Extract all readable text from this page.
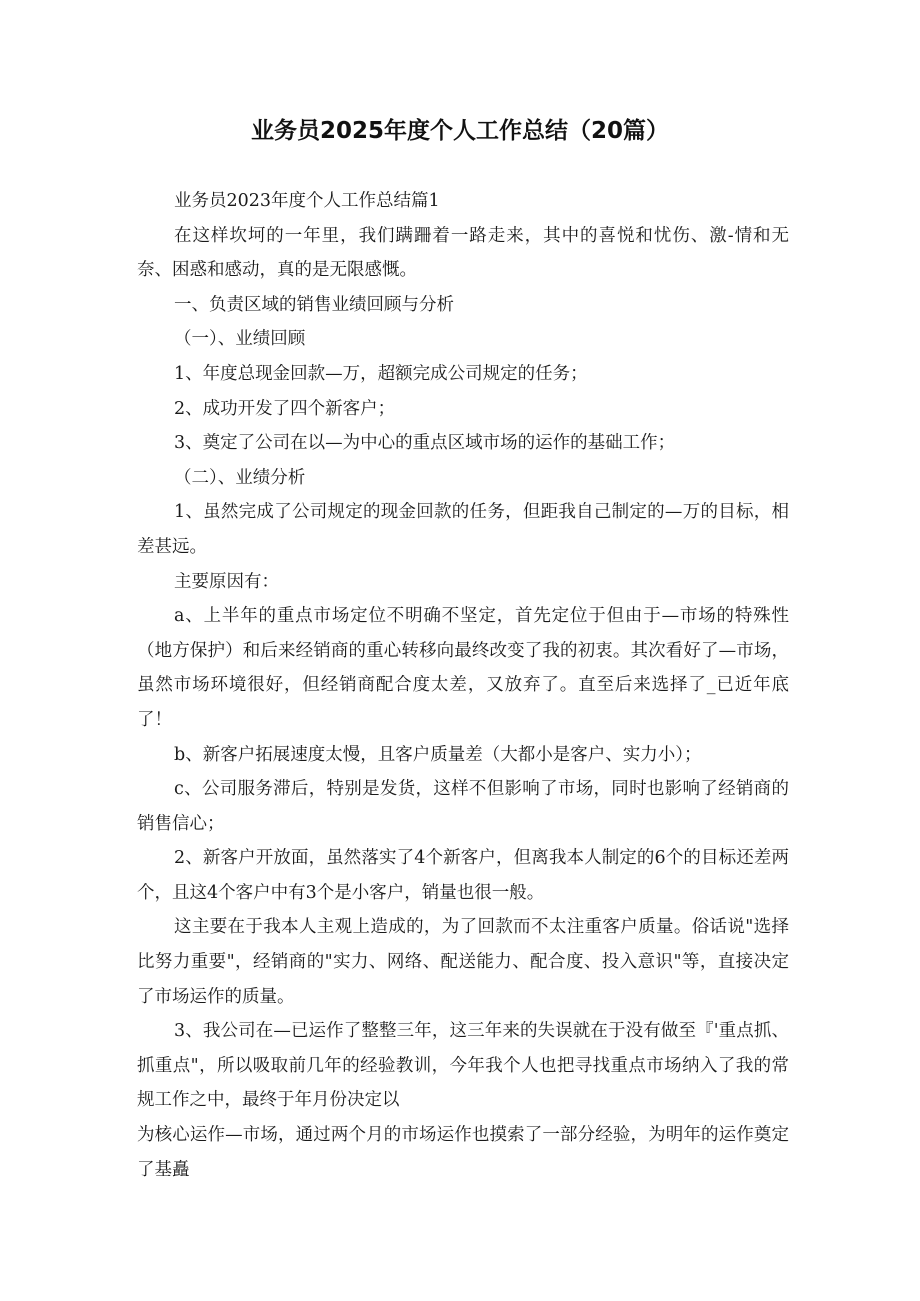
业务员2025年度个人工作总结（20篇）

业务员2023年度个人工作总结篇1

在这样坎坷的一年里，我们蹒跚着一路走来，其中的喜悦和忧伤、激-情和无奈、困惑和感动，真的是无限感慨。

一、负责区域的销售业绩回顾与分析

（一）、业绩回顾

1、年度总现金回款—万，超额完成公司规定的任务；

2、成功开发了四个新客户；

3、奠定了公司在以—为中心的重点区域市场的运作的基础工作；

（二）、业绩分析

1、虽然完成了公司规定的现金回款的任务，但距我自己制定的—万的目标，相差甚远。

主要原因有：

a、上半年的重点市场定位不明确不坚定，首先定位于但由于—市场的特殊性（地方保护）和后来经销商的重心转移向最终改变了我的初衷。其次看好了—市场，虽然市场环境很好，但经销商配合度太差，又放弃了。直至后来选择了_已近年底了！

b、新客户拓展速度太慢，且客户质量差（大都小是客户、实力小）；

c、公司服务滞后，特别是发货，这样不但影响了市场，同时也影响了经销商的销售信心；

2、新客户开放面，虽然落实了4个新客户，但离我本人制定的6个的目标还差两个，且这4个客户中有3个是小客户，销量也很一般。

这主要在于我本人主观上造成的，为了回款而不太注重客户质量。俗话说"选择比努力重要"，经销商的"实力、网络、配送能力、配合度、投入意识"等，直接决定了市场运作的质量。

3、我公司在—已运作了整整三年，这三年来的失误就在于没有做至『'重点抓、抓重点"，所以吸取前几年的经验教训，今年我个人也把寻找重点市场纳入了我的常规工作之中，最终于年月份决定以

为核心运作—市场，通过两个月的市场运作也摸索了一部分经验，为明年的运作奠定了基矗
